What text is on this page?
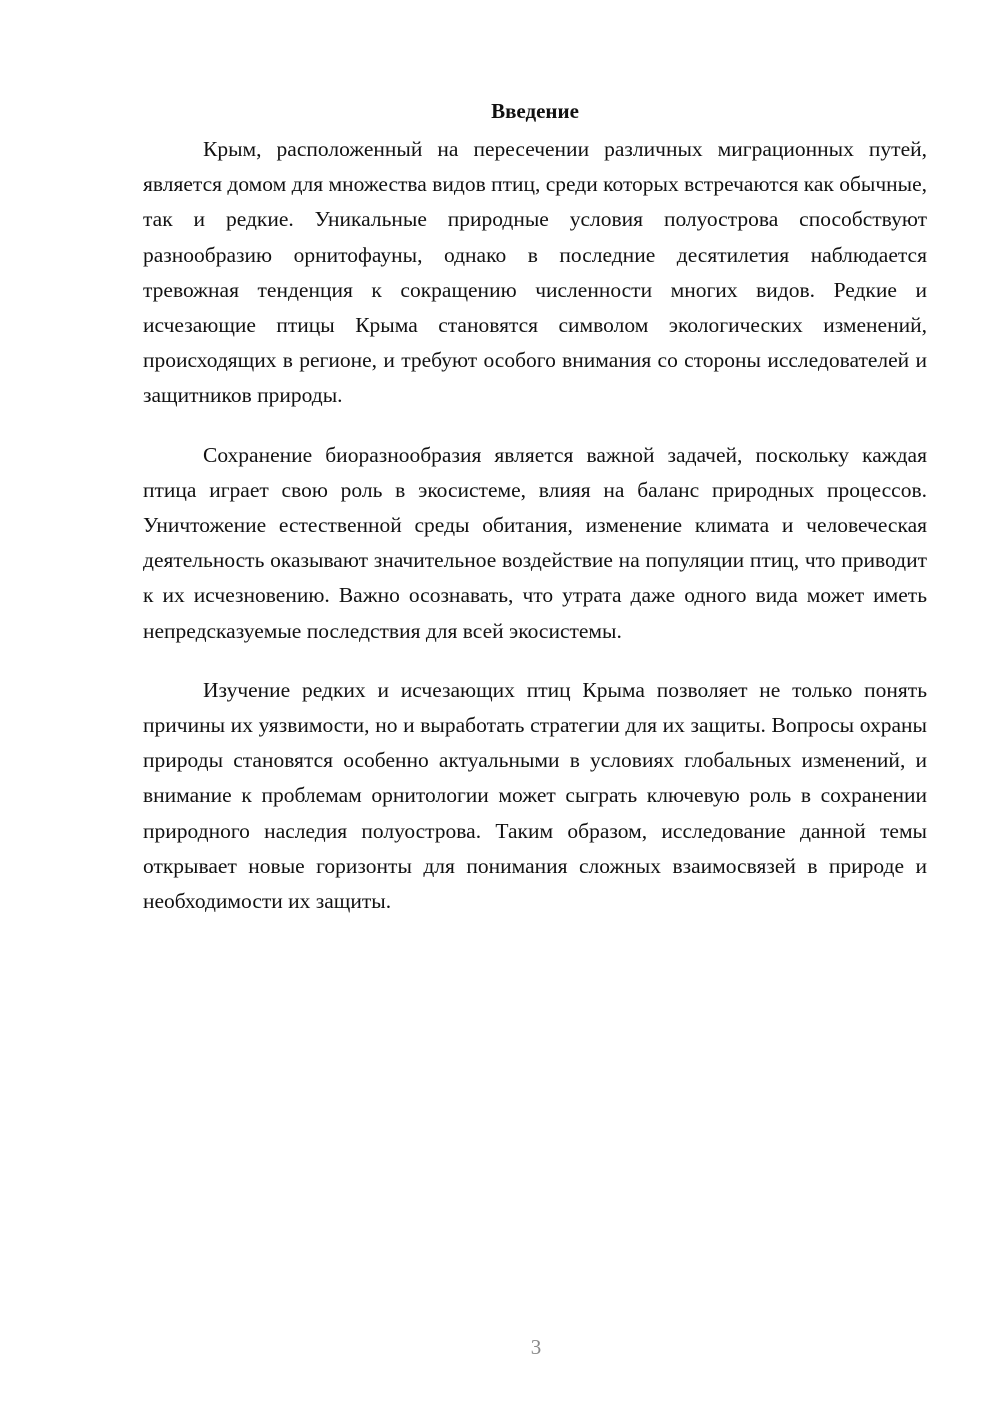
Введение

Крым, расположенный на пересечении различных миграционных путей, является домом для множества видов птиц, среди которых встречаются как обычные, так и редкие. Уникальные природные условия полуострова способствуют разнообразию орнитофауны, однако в последние десятилетия наблюдается тревожная тенденция к сокращению численности многих видов. Редкие и исчезающие птицы Крыма становятся символом экологических изменений, происходящих в регионе, и требуют особого внимания со стороны исследователей и защитников природы.

Сохранение биоразнообразия является важной задачей, поскольку каждая птица играет свою роль в экосистеме, влияя на баланс природных процессов. Уничтожение естественной среды обитания, изменение климата и человеческая деятельность оказывают значительное воздействие на популяции птиц, что приводит к их исчезновению. Важно осознавать, что утрата даже одного вида может иметь непредсказуемые последствия для всей экосистемы.

Изучение редких и исчезающих птиц Крыма позволяет не только понять причины их уязвимости, но и выработать стратегии для их защиты. Вопросы охраны природы становятся особенно актуальными в условиях глобальных изменений, и внимание к проблемам орнитологии может сыграть ключевую роль в сохранении природного наследия полуострова. Таким образом, исследование данной темы открывает новые горизонты для понимания сложных взаимосвязей в природе и необходимости их защиты.

3
